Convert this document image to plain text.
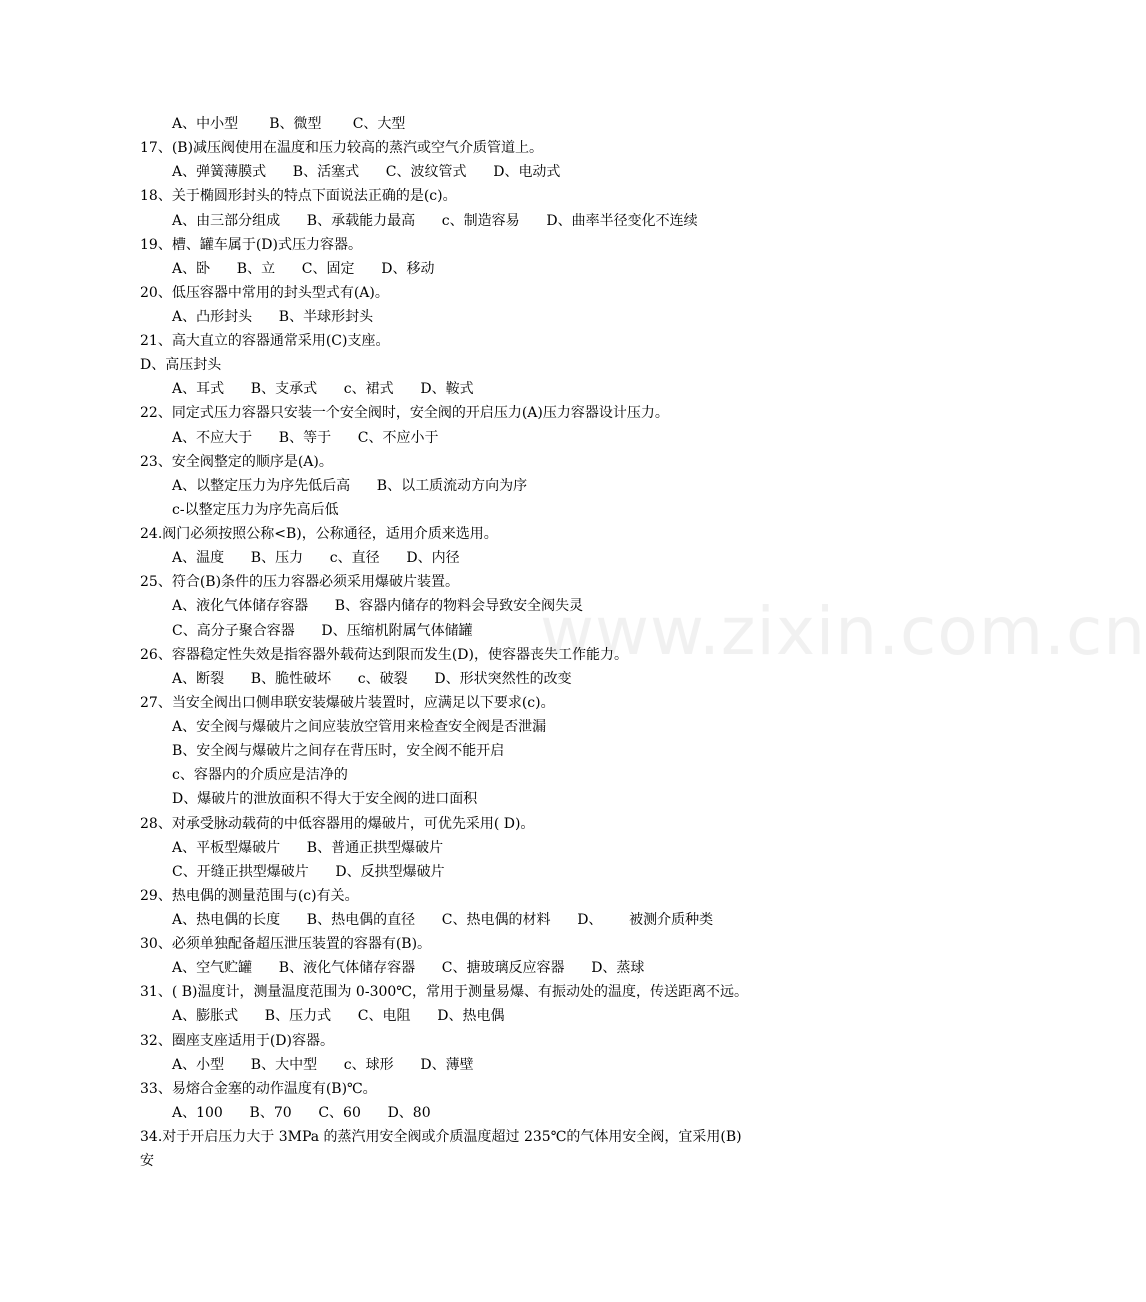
www.zixin.com.cn
A、中小型       B、微型       C、大型
17、(B)减压阀使用在温度和压力较高的蒸汽或空气介质管道上。
A、弹簧薄膜式      B、活塞式      C、波纹管式      D、电动式
18、关于椭圆形封头的特点下面说法正确的是(c)。
A、由三部分组成      B、承载能力最高      c、制造容易      D、曲率半径变化不连续
19、槽、罐车属于(D)式压力容器。
A、卧      B、立      C、固定      D、移动
20、低压容器中常用的封头型式有(A)。
A、凸形封头      B、半球形封头
21、高大直立的容器通常采用(C)支座。
D、高压封头
A、耳式      B、支承式      c、裙式      D、鞍式
22、同定式压力容器只安装一个安全阀时，安全阀的开启压力(A)压力容器设计压力。
A、不应大于      B、等于      C、不应小于
23、安全阀整定的顺序是(A)。
A、以整定压力为序先低后高      B、以工质流动方向为序
c-以整定压力为序先高后低
24.阀门必须按照公称<B)，公称通径，适用介质来选用。
A、温度      B、压力      c、直径      D、内径
25、符合(B)条件的压力容器必须采用爆破片装置。
A、液化气体储存容器      B、容器内储存的物料会导致安全阀失灵
C、高分子聚合容器      D、压缩机附属气体储罐
26、容器稳定性失效是指容器外载荷达到限而发生(D)，使容器丧失工作能力。
A、断裂      B、脆性破坏      c、破裂      D、形状突然性的改变
27、当安全阀出口侧串联安装爆破片装置时，应满足以下要求(c)。
A、安全阀与爆破片之间应装放空管用来检查安全阀是否泄漏
B、安全阀与爆破片之间存在背压时，安全阀不能开启
c、容器内的介质应是洁净的
D、爆破片的泄放面积不得大于安全阀的进口面积
28、对承受脉动载荷的中低容器用的爆破片，可优先采用( D)。
A、平板型爆破片      B、普通正拱型爆破片
C、开缝正拱型爆破片      D、反拱型爆破片
29、热电偶的测量范围与(c)有关。
A、热电偶的长度      B、热电偶的直径      C、热电偶的材料      D、      被测介质种类
30、必须单独配备超压泄压装置的容器有(B)。
A、空气贮罐      B、液化气体储存容器      C、搪玻璃反应容器      D、蒸球
31、( B)温度计，测量温度范围为 0-300℃，常用于测量易爆、有振动处的温度，传送距离不远。
A、膨胀式      B、压力式      C、电阻      D、热电偶
32、圈座支座适用于(D)容器。
A、小型      B、大中型      c、球形      D、薄壁
33、易熔合金塞的动作温度有(B)℃。
A、100      B、70      C、60      D、80
34.对于开启压力大于 3MPa 的蒸汽用安全阀或介质温度超过 235℃的气体用安全阀，宜采用(B)
安
